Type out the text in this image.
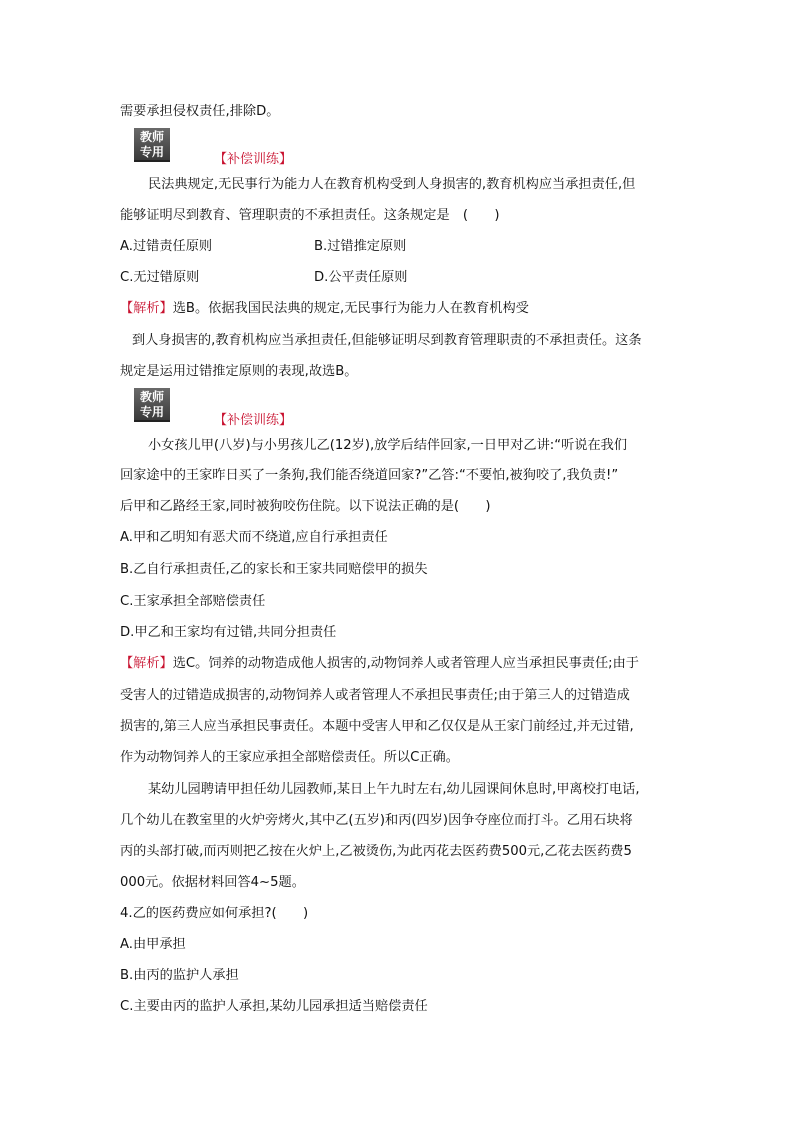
需要承担侵权责任,排除D。
教师
专用	【补偿训练】
民法典规定,无民事行为能力人在教育机构受到人身损害的,教育机构应当承担责任,但
能够证明尽到教育、管理职责的不承担责任。这条规定是　(　　)
A.过错责任原则	B.过错推定原则
C.无过错原则	D.公平责任原则
【解析】选B。依据我国民法典的规定,无民事行为能力人在教育机构受
到人身损害的,教育机构应当承担责任,但能够证明尽到教育管理职责的不承担责任。这条
规定是运用过错推定原则的表现,故选B。
教师
专用
【补偿训练】
小女孩儿甲(八岁)与小男孩儿乙(12岁),放学后结伴回家,一日甲对乙讲:“听说在我们
回家途中的王家昨日买了一条狗,我们能否绕道回家?”乙答:“不要怕,被狗咬了,我负责!”
后甲和乙路经王家,同时被狗咬伤住院。以下说法正确的是(　　)
A.甲和乙明知有恶犬而不绕道,应自行承担责任
B.乙自行承担责任,乙的家长和王家共同赔偿甲的损失
C.王家承担全部赔偿责任
D.甲乙和王家均有过错,共同分担责任
【解析】选C。饲养的动物造成他人损害的,动物饲养人或者管理人应当承担民事责任;由于
受害人的过错造成损害的,动物饲养人或者管理人不承担民事责任;由于第三人的过错造成
损害的,第三人应当承担民事责任。本题中受害人甲和乙仅仅是从王家门前经过,并无过错,
作为动物饲养人的王家应承担全部赔偿责任。所以C正确。
某幼儿园聘请甲担任幼儿园教师,某日上午九时左右,幼儿园课间休息时,甲离校打电话,
几个幼儿在教室里的火炉旁烤火,其中乙(五岁)和丙(四岁)因争夺座位而打斗。乙用石块将
丙的头部打破,而丙则把乙按在火炉上,乙被烫伤,为此丙花去医药费500元,乙花去医药费5
000元。依据材料回答4~5题。
4.乙的医药费应如何承担?(　　)
A.由甲承担
B.由丙的监护人承担
C.主要由丙的监护人承担,某幼儿园承担适当赔偿责任
